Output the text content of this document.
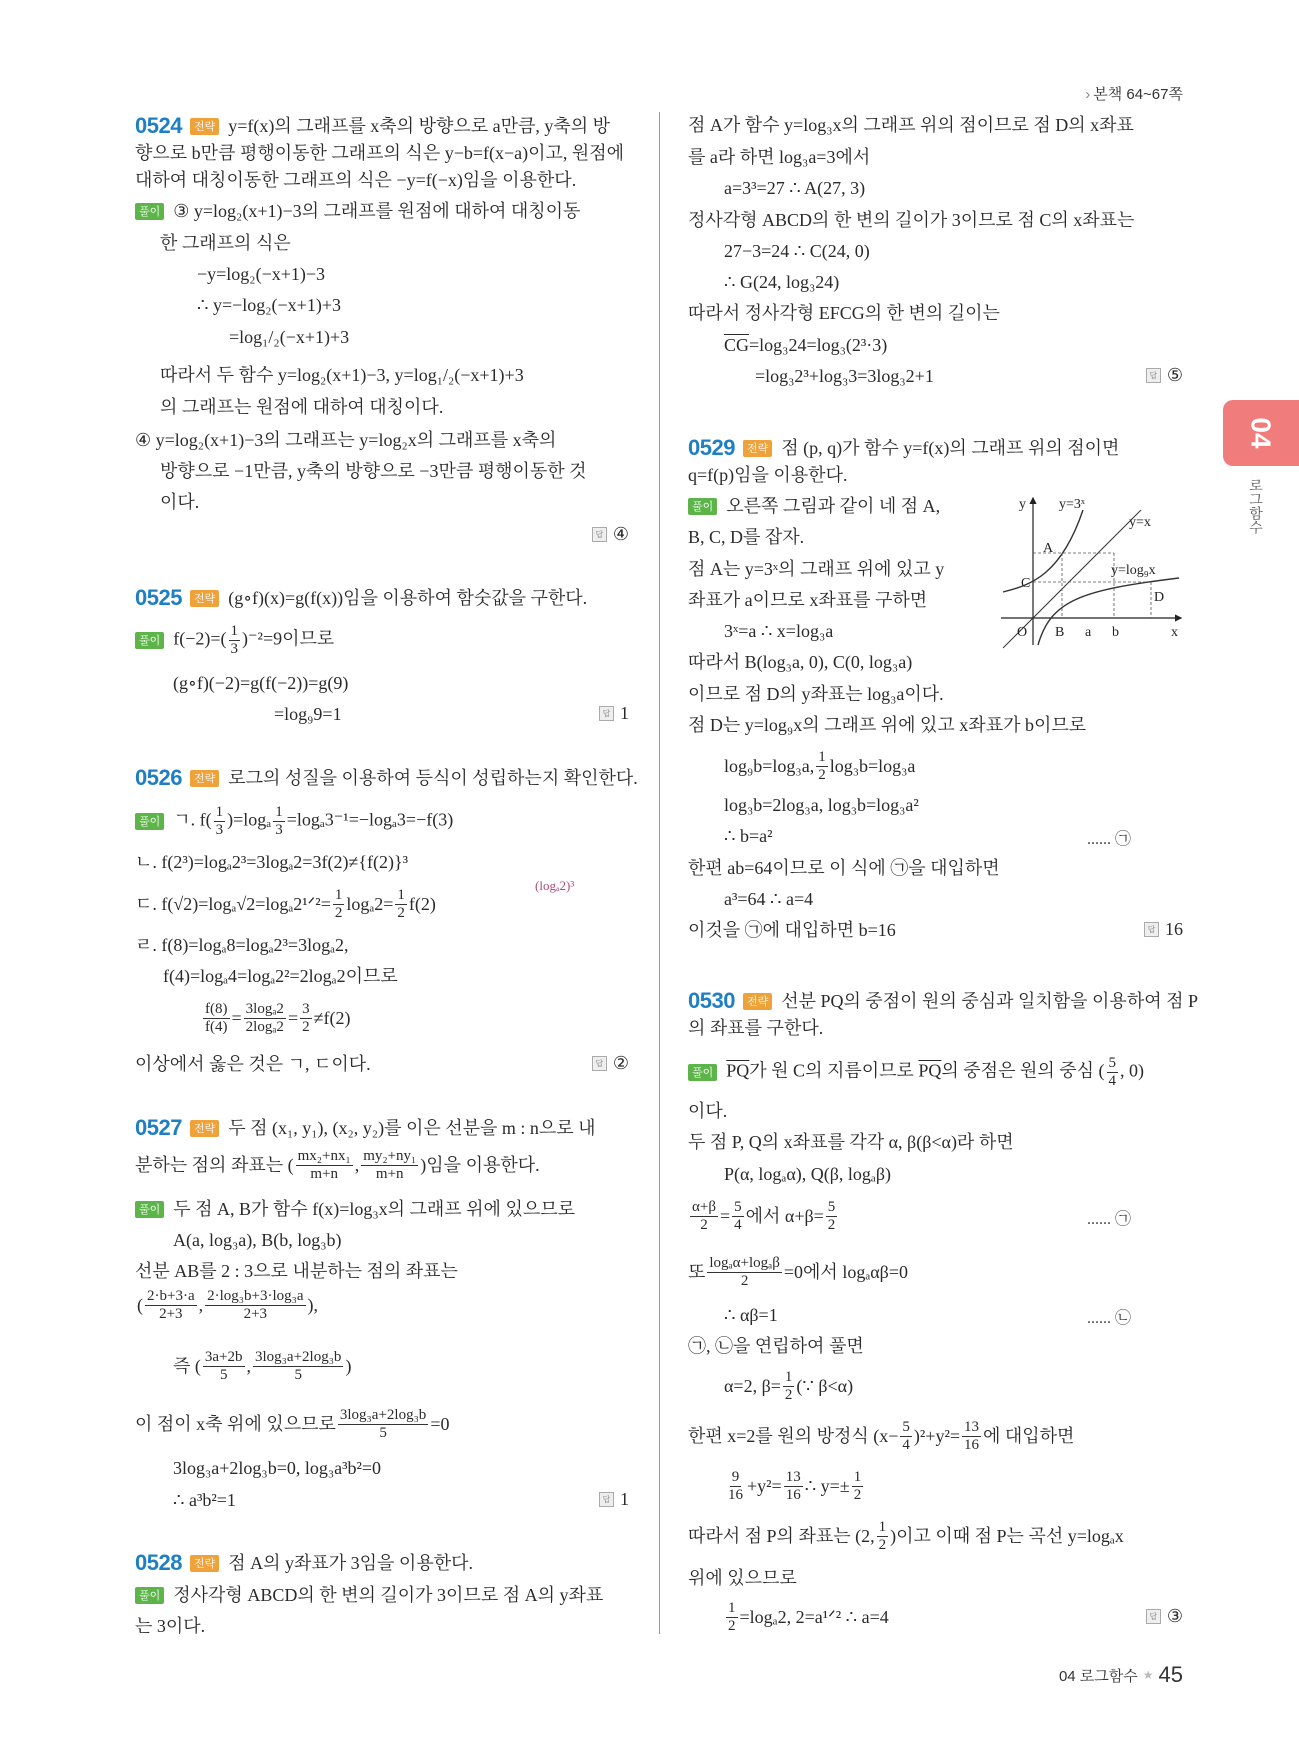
› 본책 64~67쪽
04
로그함수
0524	전략 y=f(x)의 그래프를 x축의 방향으로 a만큼, y축의 방
향으로 b만큼 평행이동한 그래프의 식은 y−b=f(x−a)이고, 원점에
대하여 대칭이동한 그래프의 식은 −y=f(−x)임을 이용한다.
풀이 ③ y=log₂(x+1)−3의 그래프를 원점에 대하여 대칭이동
한 그래프의 식은
−y=log₂(−x+1)−3
∴ y=−log₂(−x+1)+3
=log₁/₂(−x+1)+3
따라서 두 함수 y=log₂(x+1)−3, y=log₁/₂(−x+1)+3
의 그래프는 원점에 대하여 대칭이다.
④ y=log₂(x+1)−3의 그래프는 y=log₂x의 그래프를 x축의
방향으로 −1만큼, y축의 방향으로 −3만큼 평행이동한 것
이다.
답 ④
0525	전략 (g∘f)(x)=g(f(x))임을 이용하여 함숫값을 구한다.
풀이 $f(-2)=( \frac{1}{3} )^{-2}=9$이므로
(g∘f)(−2)=g(f(−2))=g(9)
=log₉9=1	답 1
0526	전략 로그의 성질을 이용하여 등식이 성립하는지 확인한다.
풀이 ㄱ. $f( \frac{1}{3} )=\log_a \frac{1}{3} =\log_a3^{-1}=-\log_a3=-f(3)$
ㄴ. f(2³)=logₐ2³=3logₐ2=3f(2)≠{f(2)}³
(logₐ2)³
ㄷ. f(√2)=logₐ√2=logₐ2¹ᐟ²= $\frac{1}{2} \log_a2= \frac{1}{2} f(2)$
ㄹ. f(8)=logₐ8=logₐ2³=3logₐ2,
f(4)=logₐ4=logₐ2²=2logₐ2이므로
$\frac{f(8)}{f(4)} = \frac{\text{3logₐ2}}{\text{2logₐ2}} = \frac{3}{2} \ne f(2)$
이상에서 옳은 것은 ㄱ, ㄷ이다.	답 ②
0527	전략 두 점 (x₁, y₁), (x₂, y₂)를 이은 선분을 m : n으로 내
분하는 점의 좌표는 ( $\frac{\text{mx₂+nx₁}}{m+n}$ , $\frac{\text{my₂+ny₁}}{m+n}$ )임을 이용한다.
풀이 두 점 A, B가 함수 f(x)=log₃x의 그래프 위에 있으므로
A(a, log₃a), B(b, log₃b)
선분 AB를 2 : 3으로 내분하는 점의 좌표는
( $\frac{2\cdot b+3\cdot a}{2+3}$ , $\frac{\text{2·log₃b+3·log₃a}}{2+3}$ ),
즉 ( $\frac{3a+2b}{5}$ , $\frac{\text{3log₃a+2log₃b}}{5}$ )
이 점이 x축 위에 있으므로 $\frac{\text{3log₃a+2log₃b}}{5} =0$
3log₃a+2log₃b=0, log₃a³b²=0
∴ a³b²=1	답 1
0528	전략 점 A의 y좌표가 3임을 이용한다.
풀이 정사각형 ABCD의 한 변의 길이가 3이므로 점 A의 y좌표
는 3이다.
점 A가 함수 y=log₃x의 그래프 위의 점이므로 점 D의 x좌표
를 a라 하면 log₃a=3에서
a=3³=27 ∴ A(27, 3)
정사각형 ABCD의 한 변의 길이가 3이므로 점 C의 x좌표는
27−3=24 ∴ C(24, 0)
∴ G(24, log₃24)
따라서 정사각형 EFCG의 한 변의 길이는
$\overline{CG} =\log_324=\log_3(2^3\cdot 3)$
=log₃2³+log₃3=3log₃2+1	답 ⑤
0529	전략 점 (p, q)가 함수 y=f(x)의 그래프 위의 점이면
q=f(p)임을 이용한다.
풀이 오른쪽 그림과 같이 네 점 A,
B, C, D를 잡자.
점 A는 y=3ˣ의 그래프 위에 있고 y
좌표가 a이므로 x좌표를 구하면
3ˣ=a ∴ x=log₃a
따라서 B(log₃a, 0), C(0, log₃a)
이므로 점 D의 y좌표는 log₃a이다.
점 D는 y=log₉x의 그래프 위에 있고 x좌표가 b이므로
log₉b=log₃a, $\frac{1}{2} \log_3b=\log_3a$
log₃b=2log₃a, log₃b=log₃a²
∴ b=a²	...... ㉠
한편 ab=64이므로 이 식에 ㉠을 대입하면
a³=64 ∴ a=4
이것을 ㉠에 대입하면 b=16	답 16
y y=3ˣ
y=x
A
C
y=log₉x
D
O B a b	x
0530	전략 선분 PQ의 중점이 원의 중심과 일치함을 이용하여 점 P
의 좌표를 구한다.
풀이 $\overline{PQ}$가 원 C의 지름이므로 $\overline{PQ}$의 중점은 원의 중심 ( $\frac{5}{4}$ , 0)
이다.
두 점 P, Q의 x좌표를 각각 α, β(β<α)라 하면
P(α, logₐα), Q(β, logₐβ)
$\frac{\alpha+\beta}{2} = \frac{5}{4}$ 에서 $\alpha+\beta= \frac{5}{2}$	...... ㉠
또 $\frac{\text{logₐα+logₐβ}}{2} =0$에서 logₐαβ=0
∴ αβ=1	...... ㉡
㉠, ㉡을 연립하여 풀면
α=2, $\beta= \frac{1}{2}$ (∵ β<α)
한편 x=2를 원의 방정식 $(x- \frac{5}{4} )^2+y^2= \frac{13}{16}$ 에 대입하면
$\frac{9}{16} +y^2= \frac{13}{16}$ ∴ $y=\pm \frac{1}{2}$
따라서 점 P의 좌표는 (2, $\frac{1}{2}$ )이고 이때 점 P는 곡선 y=logₐx
위에 있으므로
$\frac{1}{2} =\log_a2$, 2=a¹ᐟ² ∴ a=4	답 ③
04 로그함수 ★ 45
